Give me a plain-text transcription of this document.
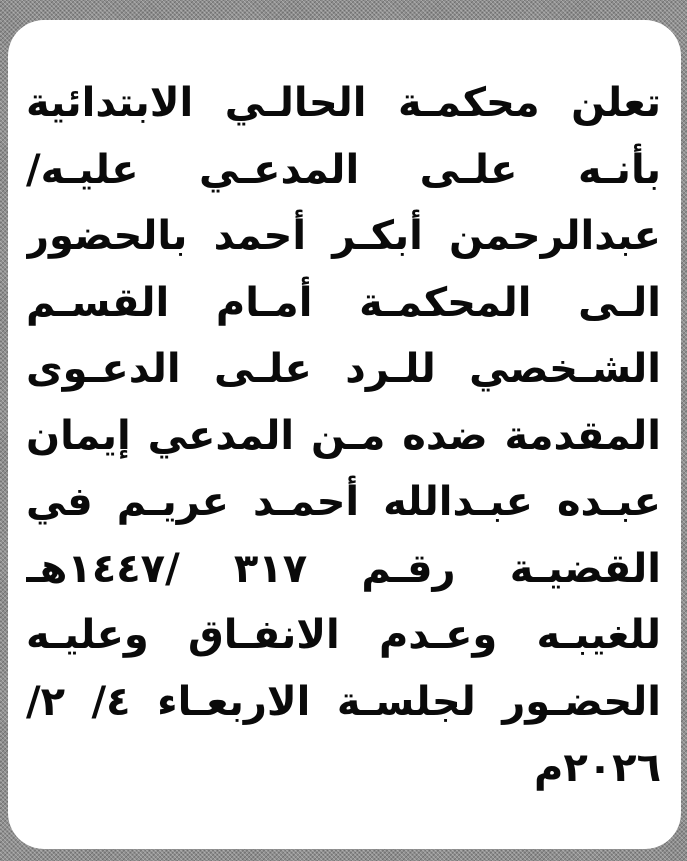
تعلن محكمـة الحالـي الابتدائية
بأنـه علـى المدعـي عليـه/
عبدالرحمن أبكـر أحمد بالحضور
الـى المحكمـة أمـام القسـم
الشـخصي للـرد علـى الدعـوى
المقدمة ضده مـن المدعي إيمان
عبـده عبـدالله أحمـد عريـم في
القضيـة رقـم ٣١٧ /١٤٤٧هـ
للغيبـه وعـدم الانفـاق وعليـه
الحضـور لجلسـة الاربعـاء ٤/ ٢/
٢٠٢٦م
